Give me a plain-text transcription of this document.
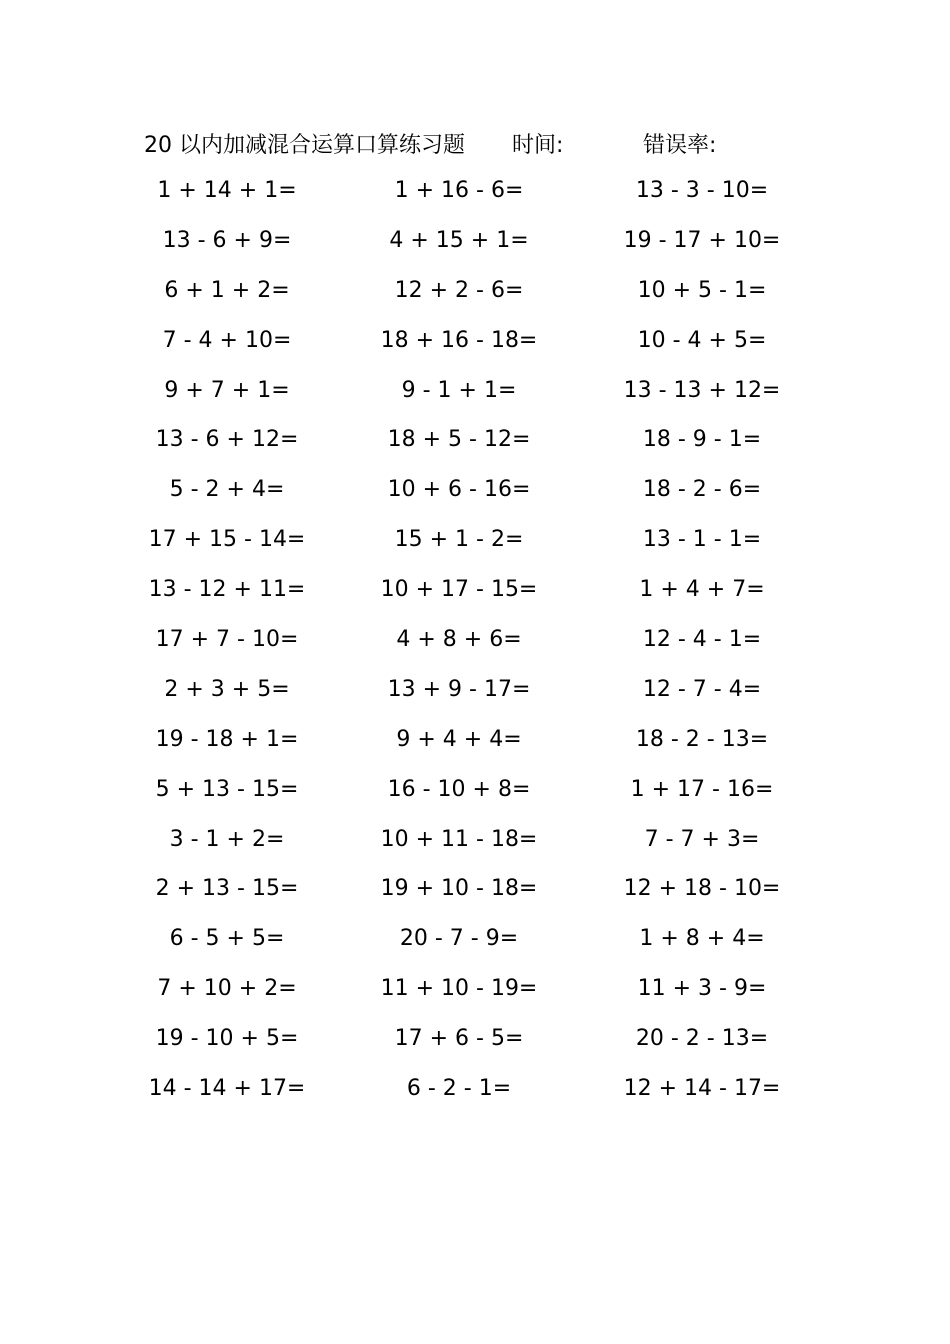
20 以内加减混合运算口算练习题 时间:	错误率:
1 + 14 + 1=
13 - 6 + 9=
6 + 1 + 2=
7 - 4 + 10=
9 + 7 + 1=
13 - 6 + 12=
5 - 2 + 4=
17 + 15 - 14=
13 - 12 + 11=
17 + 7 - 10=
2 + 3 + 5=
19 - 18 + 1=
5 + 13 - 15=
3 - 1 + 2=
2 + 13 - 15=
6 - 5 + 5=
7 + 10 + 2=
19 - 10 + 5=
14 - 14 + 17=
1 + 16 - 6=
4 + 15 + 1=
12 + 2 - 6=
18 + 16 - 18=
9 - 1 + 1=
18 + 5 - 12=
10 + 6 - 16=
15 + 1 - 2=
10 + 17 - 15=
4 + 8 + 6=
13 + 9 - 17=
9 + 4 + 4=
16 - 10 + 8=
10 + 11 - 18=
19 + 10 - 18=
20 - 7 - 9=
11 + 10 - 19=
17 + 6 - 5=
6 - 2 - 1=
13 - 3 - 10=
19 - 17 + 10=
10 + 5 - 1=
10 - 4 + 5=
13 - 13 + 12=
18 - 9 - 1=
18 - 2 - 6=
13 - 1 - 1=
1 + 4 + 7=
12 - 4 - 1=
12 - 7 - 4=
18 - 2 - 13=
1 + 17 - 16=
7 - 7 + 3=
12 + 18 - 10=
1 + 8 + 4=
11 + 3 - 9=
20 - 2 - 13=
12 + 14 - 17=
